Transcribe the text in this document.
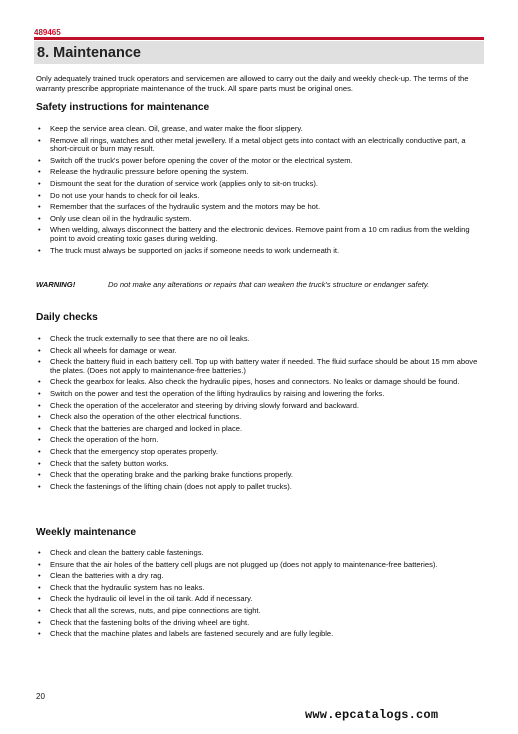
489465
8. Maintenance

Only adequately trained truck operators and servicemen are allowed to carry out the daily and weekly check-up. The terms of the warranty prescribe appropriate maintenance of the truck. All spare parts must be original ones.

Safety instructions for maintenance
• Keep the service area clean. Oil, grease, and water make the floor slippery.
• Remove all rings, watches and other metal jewellery. If a metal object gets into contact with an electrically conductive part, a short-circuit or burn may result.
• Switch off the truck's power before opening the cover of the motor or the electrical system.
• Release the hydraulic pressure before opening the system.
• Dismount the seat for the duration of service work (applies only to sit-on trucks).
• Do not use your hands to check for oil leaks.
• Remember that the surfaces of the hydraulic system and the motors may be hot.
• Only use clean oil in the hydraulic system.
• When welding, always disconnect the battery and the electronic devices. Remove paint from a 10 cm radius from the welding point to avoid creating toxic gases during welding.
• The truck must always be supported on jacks if someone needs to work underneath it.
WARNING!	Do not make any alterations or repairs that can weaken the truck's structure or endanger safety.
Daily checks
• Check the truck externally to see that there are no oil leaks.
• Check all wheels for damage or wear.
• Check the battery fluid in each battery cell. Top up with battery water if needed. The fluid surface should be about 15 mm above the plates. (Does not apply to maintenance-free batteries.)
• Check the gearbox for leaks. Also check the hydraulic pipes, hoses and connectors. No leaks or damage should be found.
• Switch on the power and test the operation of the lifting hydraulics by raising and lowering the forks.
• Check the operation of the accelerator and steering by driving slowly forward and backward.
• Check also the operation of the other electrical functions.
• Check that the batteries are charged and locked in place.
• Check the operation of the horn.
• Check that the emergency stop operates properly.
• Check that the safety button works.
• Check that the operating brake and the parking brake functions properly.
• Check the fastenings of the lifting chain (does not apply to pallet trucks).
Weekly maintenance
• Check and clean the battery cable fastenings.
• Ensure that the air holes of the battery cell plugs are not plugged up (does not apply to maintenance-free batteries).
• Clean the batteries with a dry rag.
• Check that the hydraulic system has no leaks.
• Check the hydraulic oil level in the oil tank. Add if necessary.
• Check that all the screws, nuts, and pipe connections are tight.
• Check that the fastening bolts of the driving wheel are tight.
• Check that the machine plates and labels are fastened securely and are fully legible.
20
www.epcatalogs.com
